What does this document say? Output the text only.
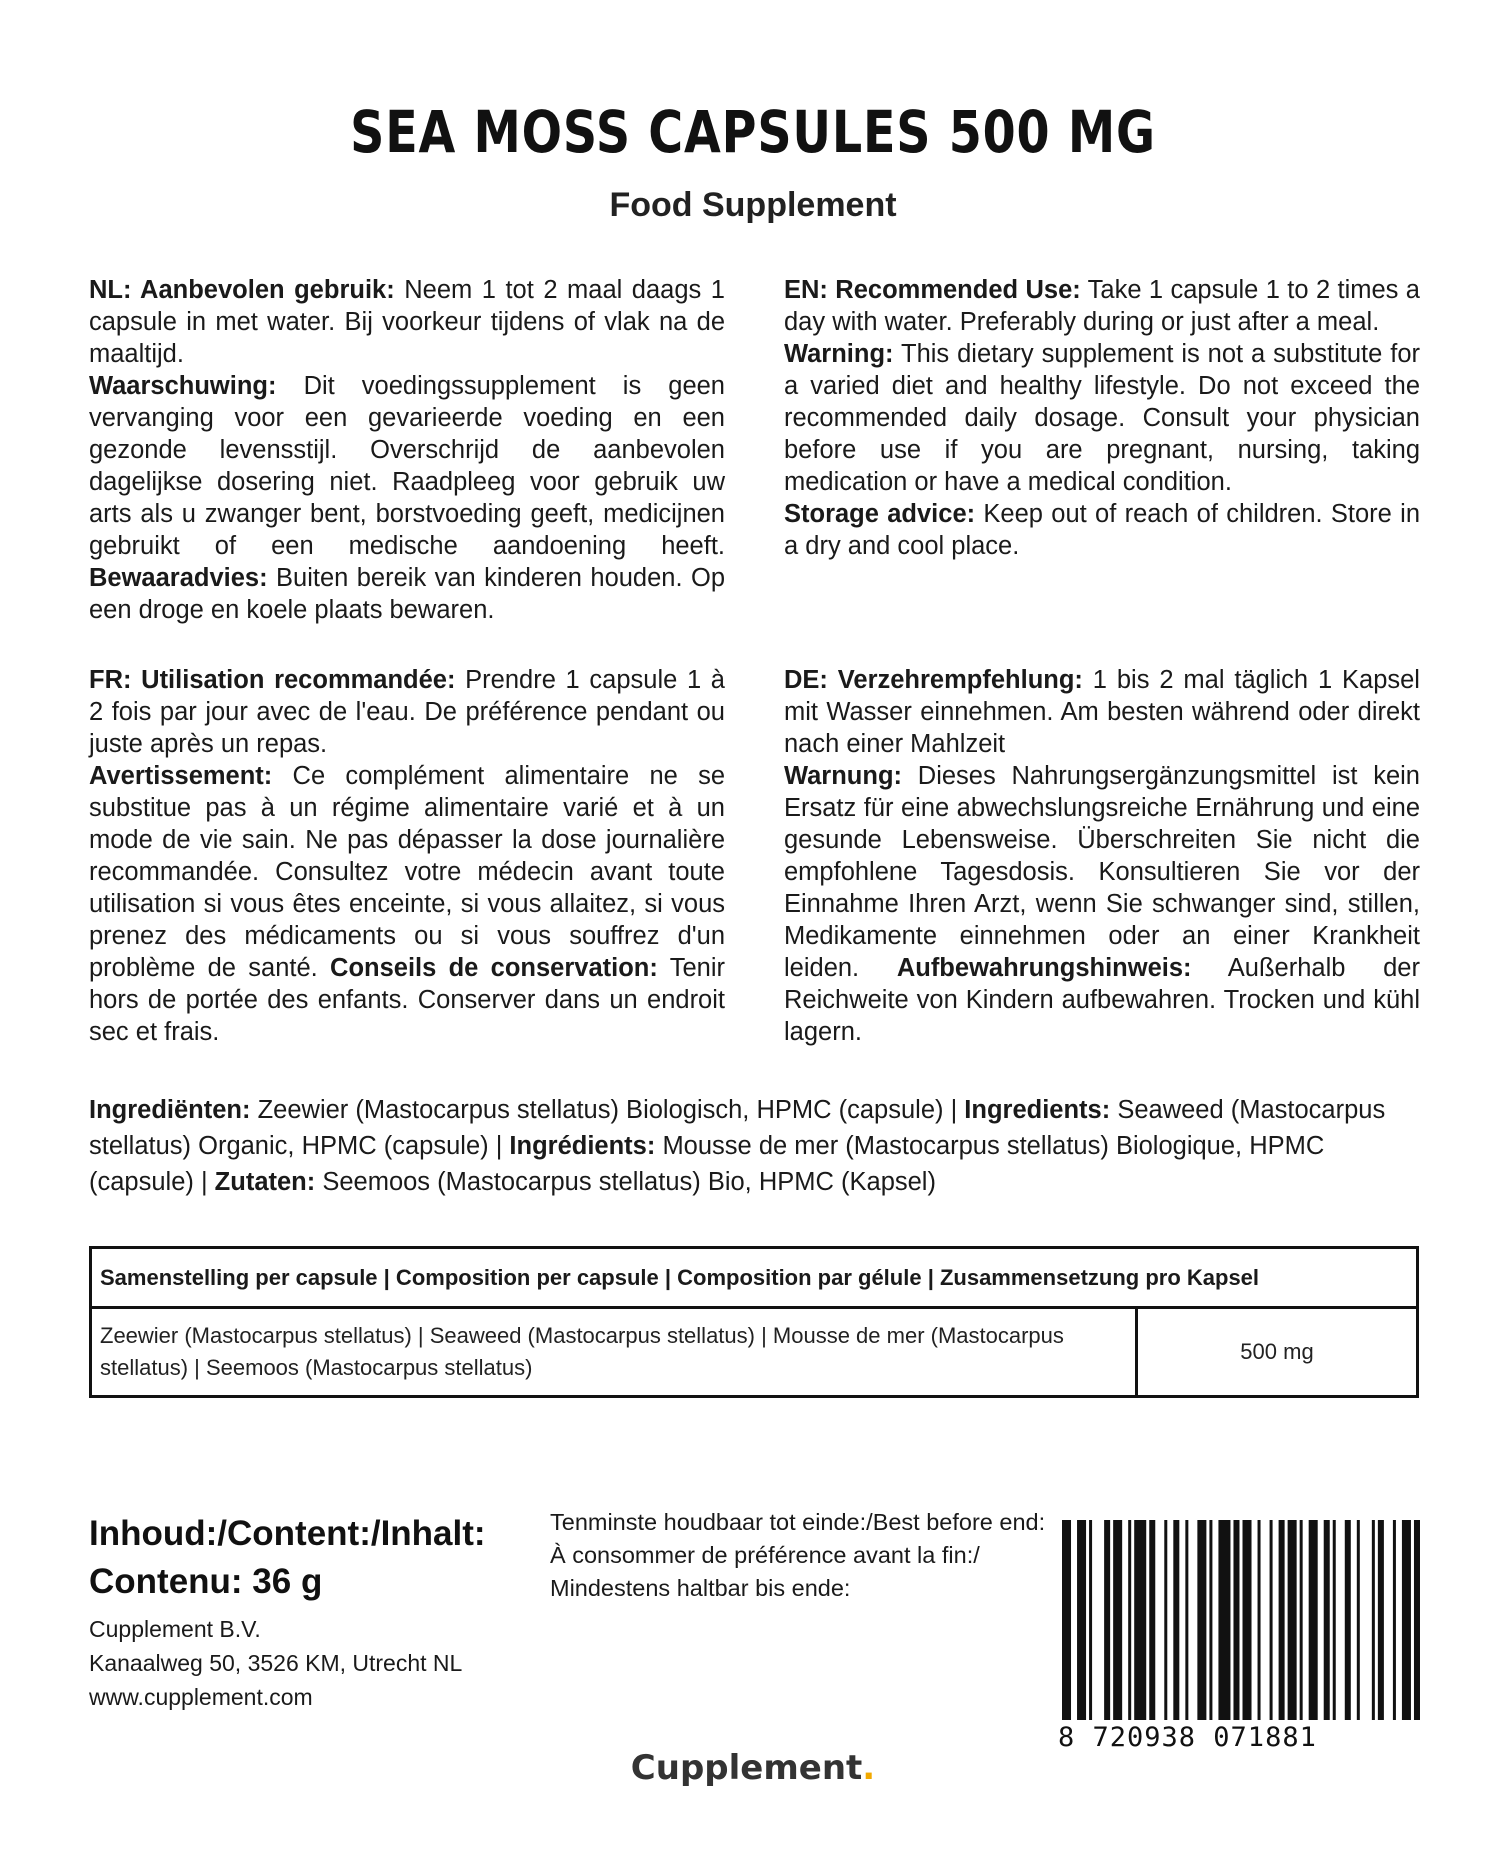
SEA MOSS CAPSULES 500 MG
Food Supplement

NL: Aanbevolen gebruik: Neem 1 tot 2 maal daags 1 capsule in met water. Bij voorkeur tijdens of vlak na de maaltijd.

Waarschuwing: Dit voedingssupplement is geen vervanging voor een gevarieerde voeding en een gezonde levensstijl. Overschrijd de aanbevolen dagelijkse dosering niet. Raadpleeg voor gebruik uw arts als u zwanger bent, borstvoeding geeft, medicijnen gebruikt of een medische aandoening heeft. Bewaaradvies: Buiten bereik van kinderen houden. Op een droge en koele plaats bewaren.

EN: Recommended Use: Take 1 capsule 1 to 2 times a day with water. Preferably during or just after a meal.

Warning: This dietary supplement is not a substitute for a varied diet and healthy lifestyle. Do not exceed the recommended daily dosage. Consult your physician before use if you are pregnant, nursing, taking medication or have a medical condition.

Storage advice: Keep out of reach of children. Store in a dry and cool place.

FR: Utilisation recommandée: Prendre 1 capsule 1 à 2 fois par jour avec de l'eau. De préférence pendant ou juste après un repas.

Avertissement: Ce complément alimentaire ne se substitue pas à un régime alimentaire varié et à un mode de vie sain. Ne pas dépasser la dose journalière recommandée. Consultez votre médecin avant toute utilisation si vous êtes enceinte, si vous allaitez, si vous prenez des médicaments ou si vous souffrez d'un problème de santé. Conseils de conservation: Tenir hors de portée des enfants. Conserver dans un endroit sec et frais.

DE: Verzehrempfehlung: 1 bis 2 mal täglich 1 Kapsel mit Wasser einnehmen. Am besten während oder direkt nach einer Mahlzeit

Warnung: Dieses Nahrungsergänzungsmittel ist kein Ersatz für eine abwechslungsreiche Ernährung und eine gesunde Lebensweise. Überschreiten Sie nicht die empfohlene Tagesdosis. Konsultieren Sie vor der Einnahme Ihren Arzt, wenn Sie schwanger sind, stillen, Medikamente einnehmen oder an einer Krankheit leiden. Aufbewahrungshinweis: Außerhalb der Reichweite von Kindern aufbewahren. Trocken und kühl lagern.

Ingrediënten: Zeewier (Mastocarpus stellatus) Biologisch, HPMC (capsule) | Ingredients: Seaweed (Mastocarpus stellatus) Organic, HPMC (capsule) | Ingrédients: Mousse de mer (Mastocarpus stellatus) Biologique, HPMC (capsule) | Zutaten: Seemoos (Mastocarpus stellatus) Bio, HPMC (Kapsel)
Samenstelling per capsule | Composition per capsule | Composition par gélule | Zusammensetzung pro Kapsel
Zeewier (Mastocarpus stellatus) | Seaweed (Mastocarpus stellatus) | Mousse de mer (Mastocarpus stellatus) | Seemoos (Mastocarpus stellatus)
500 mg
Inhoud:/Content:/Inhalt:
Contenu: 36 g
Cupplement B.V.
Kanaalweg 50, 3526 KM, Utrecht NL
www.cupplement.com
Tenminste houdbaar tot einde:/Best before end:
À consommer de préférence avant la fin:/
Mindestens haltbar bis ende:
8 720938 071881
Cupplement.
